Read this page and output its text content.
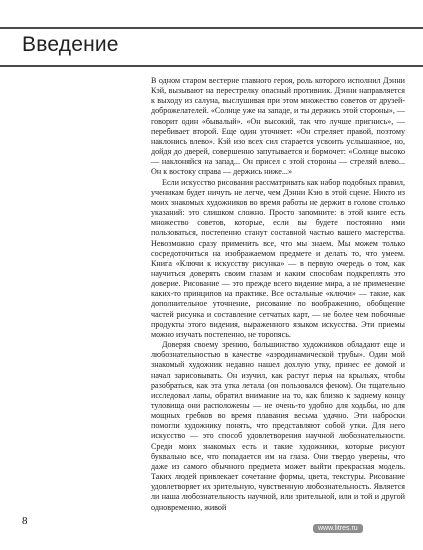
Введение

В одном старом вестерне главного героя, роль которого исполнил Дэнни Кэй, вызывают на перестрелку опасный противник. Дэнни направляется к выходу из салуна, выслушивая при этом множество советов от друзей-доброжелателей. «Солнце уже на западе, и ты держись этой стороны», — говорит один «бывалый». «Он высокий, так что лучше пригнись», — перебивает второй. Еще один уточняет: «Он стреляет правой, поэтому наклонись влево». Кэй изо всех сил старается усвоить услышанное, но, дойдя до дверей, совершенно запутывается и бормочет: «Солнце высоко — наклоняйся на запад... Он присел с этой стороны — стреляй влево... Он к востоку справа — держись ниже...»

Если искусство рисования рассматривать как набор подобных правил, ученикам будет ничуть не легче, чем Дэнни Кэю в этой сцене. Никто из моих знакомых художников во время работы не держит в голове столько указаний: это слишком сложно. Просто запомните: в этой книге есть множество советов, которые, если вы будете постоянно ими пользоваться, постепенно станут составной частью вашего мастерства. Невозможно сразу применить все, что мы знаем. Мы можем только сосредоточиться на изображаемом предмете и делать то, что умеем. Книга «Ключи к искусству рисунка» — в первую очередь о том, как научиться доверять своим глазам и каким способам подкреплять это доверие. Рисование — это прежде всего видение мира, а не применение каких-то принципов на практике. Все остальные «ключи» — такие, как дополнительное уточнение, рисование по воображению, обобщение частей рисунка и составление сетчатых карт, — не более чем побочные продукты этого видения, выраженного языком искусства. Эти приемы можно изучать постепенно, не торопясь.

Доверяя своему зрению, большинство художников обладают еще и любознательностью в качестве «аэродинамической трубы». Один мой знакомый художник недавно нашел дохлую утку, принес ее домой и начал зарисовывать. Он изучил, как растут перья на крыльях, чтобы разобраться, как эта утка летала (он пользовался феном). Он тщательно исследовал лапы, обратил внимание на то, как близко к заднему концу туловища они расположены — не очень-то удобно для ходьбы, но для мощных гребков во время плавания весьма удачно. Эти наброски помогли художнику понять, что представляют собой утки. Для него искусство — это способ удовлетворения научной любознательности. Среди моих знакомых есть и такие художники, которые рисуют буквально все, что попадается им на глаза. Они твердо уверены, что даже из самого обычного предмета может выйти прекрасная модель. Таких людей привлекает сочетание формы, цвета, текстуры. Рисование удовлетворяет их зрительную, чувственную любознательность. Является ли наша любознательность научной, или зрительной, или и той и другой одновременно, живой

8
www.litres.ru
